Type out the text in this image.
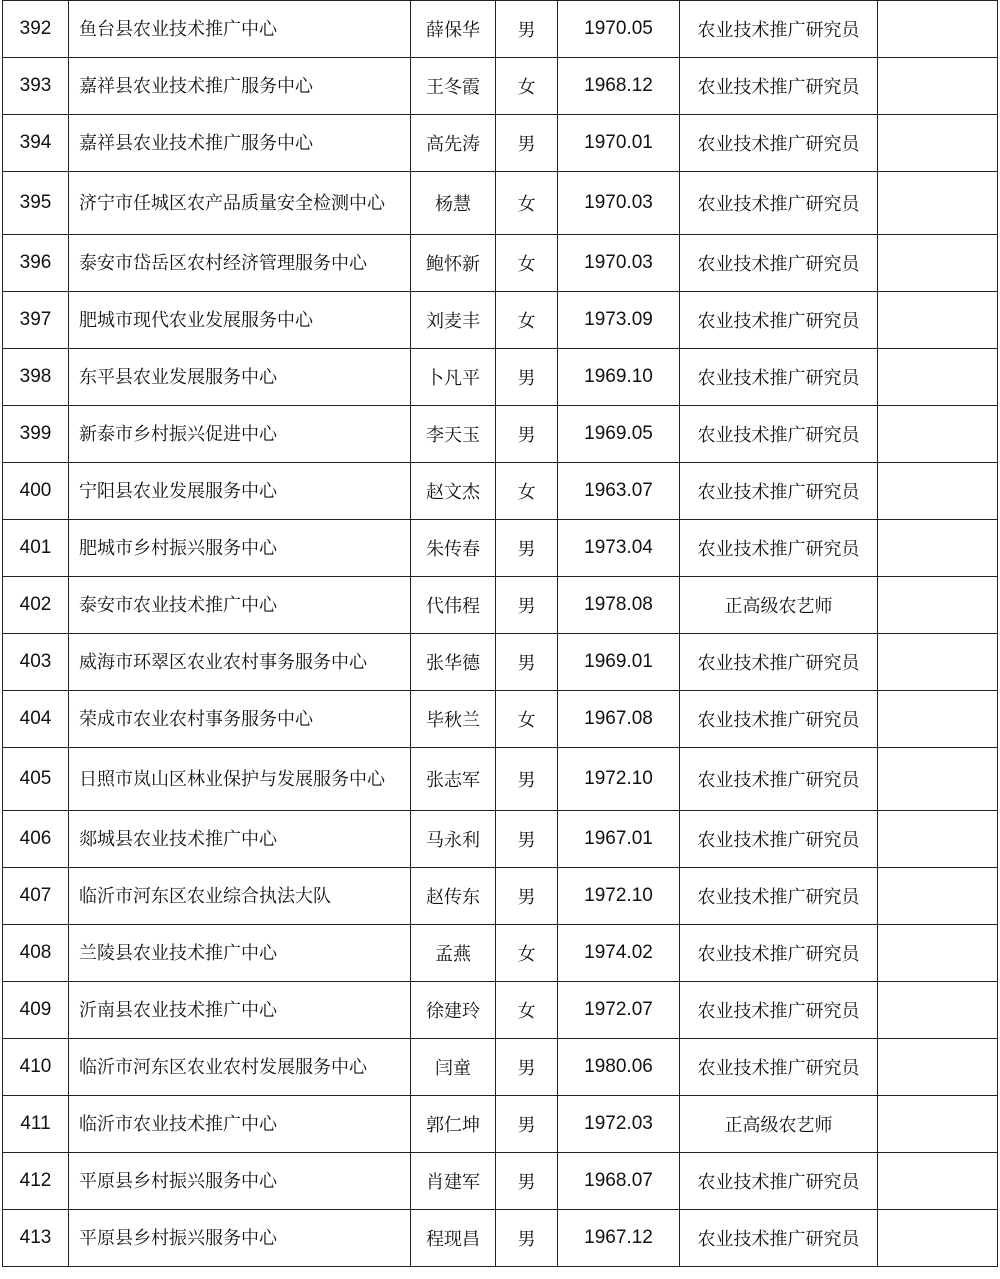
392	鱼台县农业技术推广中心	薛保华	男	1970.05	农业技术推广研究员	
393	嘉祥县农业技术推广服务中心	王冬霞	女	1968.12	农业技术推广研究员	
394	嘉祥县农业技术推广服务中心	高先涛	男	1970.01	农业技术推广研究员	
395	济宁市任城区农产品质量安全检测中心	杨慧	女	1970.03	农业技术推广研究员	
396	泰安市岱岳区农村经济管理服务中心	鲍怀新	女	1970.03	农业技术推广研究员	
397	肥城市现代农业发展服务中心	刘麦丰	女	1973.09	农业技术推广研究员	
398	东平县农业发展服务中心	卜凡平	男	1969.10	农业技术推广研究员	
399	新泰市乡村振兴促进中心	李天玉	男	1969.05	农业技术推广研究员	
400	宁阳县农业发展服务中心	赵文杰	女	1963.07	农业技术推广研究员	
401	肥城市乡村振兴服务中心	朱传春	男	1973.04	农业技术推广研究员	
402	泰安市农业技术推广中心	代伟程	男	1978.08	正高级农艺师	
403	威海市环翠区农业农村事务服务中心	张华德	男	1969.01	农业技术推广研究员	
404	荣成市农业农村事务服务中心	毕秋兰	女	1967.08	农业技术推广研究员	
405	日照市岚山区林业保护与发展服务中心	张志军	男	1972.10	农业技术推广研究员	
406	郯城县农业技术推广中心	马永利	男	1967.01	农业技术推广研究员	
407	临沂市河东区农业综合执法大队	赵传东	男	1972.10	农业技术推广研究员	
408	兰陵县农业技术推广中心	孟燕	女	1974.02	农业技术推广研究员	
409	沂南县农业技术推广中心	徐建玲	女	1972.07	农业技术推广研究员	
410	临沂市河东区农业农村发展服务中心	闫童	男	1980.06	农业技术推广研究员	
411	临沂市农业技术推广中心	郭仁坤	男	1972.03	正高级农艺师	
412	平原县乡村振兴服务中心	肖建军	男	1968.07	农业技术推广研究员	
413	平原县乡村振兴服务中心	程现昌	男	1967.12	农业技术推广研究员	
